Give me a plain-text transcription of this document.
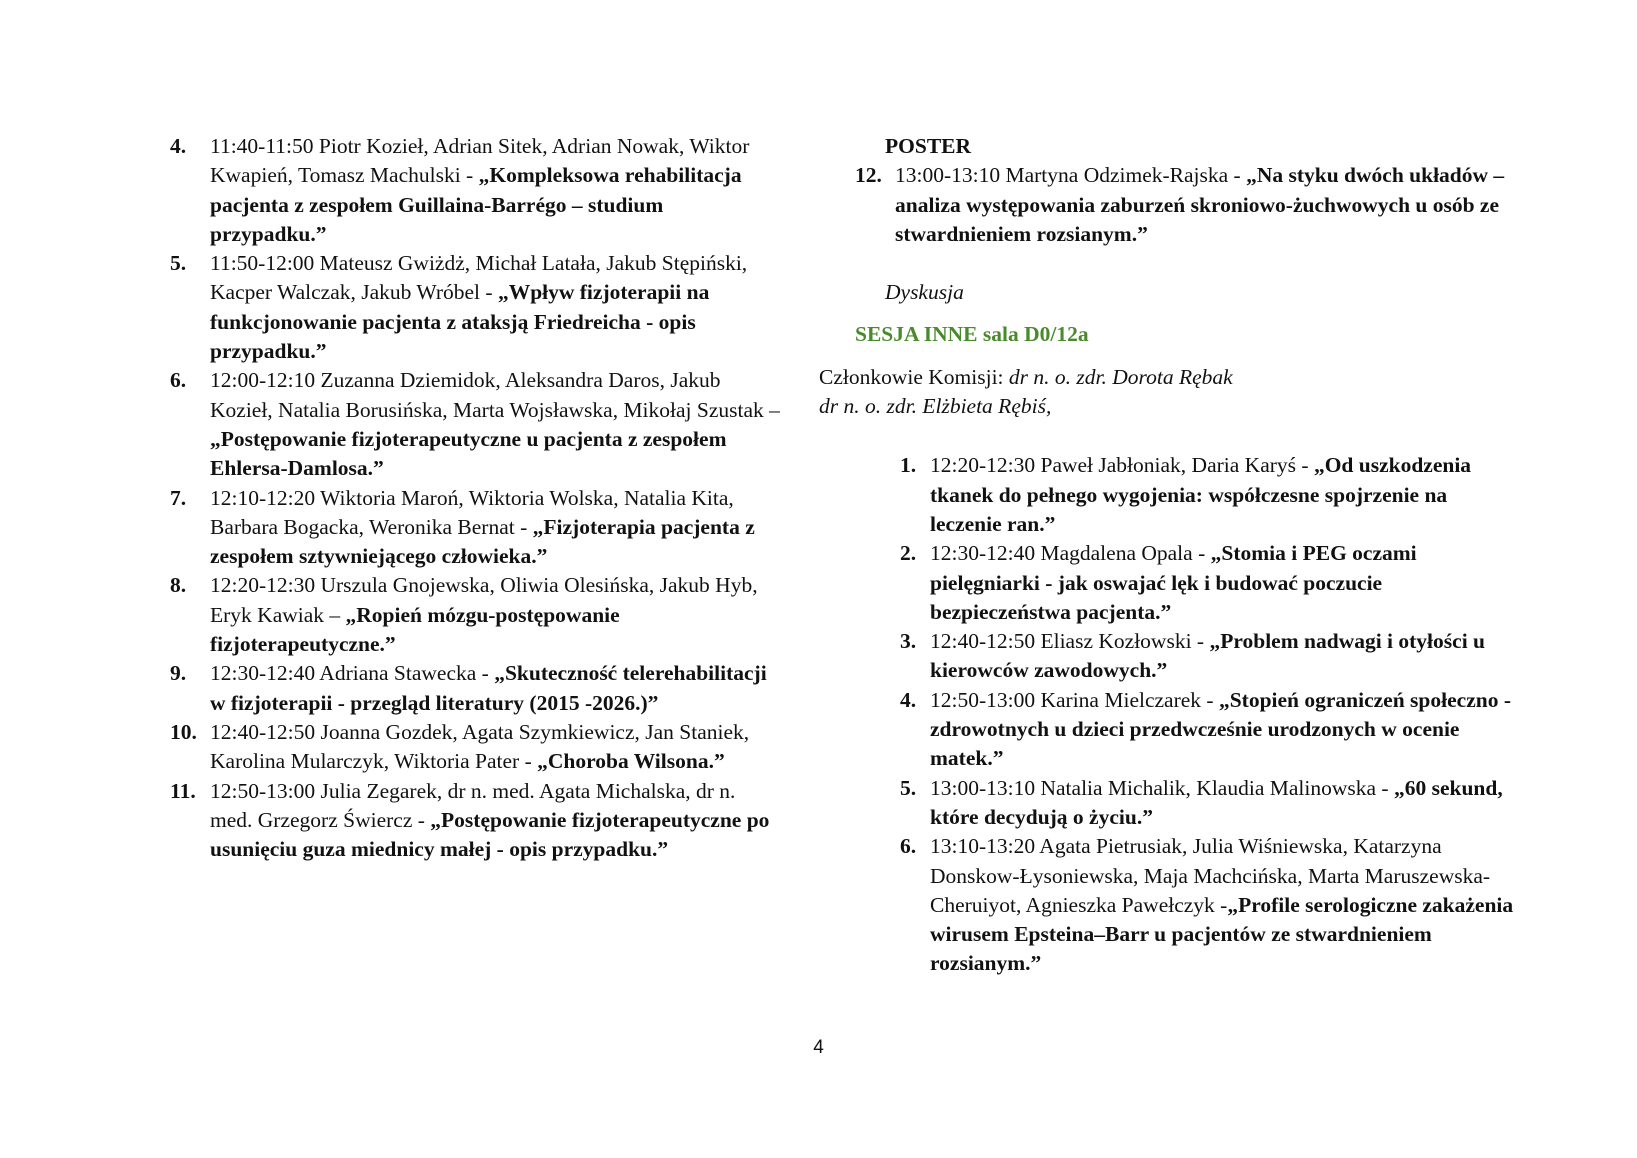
4. 11:40-11:50 Piotr Kozieł, Adrian Sitek, Adrian Nowak, Wiktor Kwapień, Tomasz Machulski - „Kompleksowa rehabilitacja pacjenta z zespołem Guillaina-Barrégo – studium przypadku.”
5. 11:50-12:00 Mateusz Gwiżdż, Michał Latała, Jakub Stępiński, Kacper Walczak, Jakub Wróbel - „Wpływ fizjoterapii na funkcjonowanie pacjenta z ataksją Friedreicha - opis przypadku.”
6. 12:00-12:10 Zuzanna Dziemidok, Aleksandra Daros, Jakub Kozieł, Natalia Borusińska, Marta Wojsławska, Mikołaj Szustak – „Postępowanie fizjoterapeutyczne u pacjenta z zespołem Ehlersa-Damlosa.”
7. 12:10-12:20 Wiktoria Maroń, Wiktoria Wolska, Natalia Kita, Barbara Bogacka, Weronika Bernat - „Fizjoterapia pacjenta z zespołem sztywniejącego człowieka.”
8. 12:20-12:30 Urszula Gnojewska, Oliwia Olesińska, Jakub Hyb, Eryk Kawiak – „Ropień mózgu-postępowanie fizjoterapeutyczne.”
9. 12:30-12:40 Adriana Stawecka - „Skuteczność telerehabilitacji w fizjoterapii - przegląd literatury (2015 -2026.)”
10. 12:40-12:50 Joanna Gozdek, Agata Szymkiewicz, Jan Staniek, Karolina Mularczyk, Wiktoria Pater - „Choroba Wilsona.”
11. 12:50-13:00 Julia Zegarek, dr n. med. Agata Michalska, dr n. med. Grzegorz Świercz - „Postępowanie fizjoterapeutyczne po usunięciu guza miednicy małej - opis przypadku.”
POSTER
12. 13:00-13:10 Martyna Odzimek-Rajska - „Na styku dwóch układów – analiza występowania zaburzeń skroniowo-żuchwowych u osób ze stwardnieniem rozsianym.”
Dyskusja
SESJA INNE sala D0/12a
Członkowie Komisji: dr n. o. zdr. Dorota Rębak
dr n. o. zdr. Elżbieta Rębiś,
1. 12:20-12:30 Paweł Jabłoniak, Daria Karyś - „Od uszkodzenia tkanek do pełnego wygojenia: współczesne spojrzenie na leczenie ran.”
2. 12:30-12:40 Magdalena Opala - „Stomia i PEG oczami pielęgniarki - jak oswajać lęk i budować poczucie bezpieczeństwa pacjenta.”
3. 12:40-12:50 Eliasz Kozłowski - „Problem nadwagi i otyłości u kierowców zawodowych.”
4. 12:50-13:00 Karina Mielczarek - „Stopień ograniczeń społeczno - zdrowotnych u dzieci przedwcześnie urodzonych w ocenie matek.”
5. 13:00-13:10 Natalia Michalik, Klaudia Malinowska - „60 sekund, które decydują o życiu.”
6. 13:10-13:20 Agata Pietrusiak, Julia Wiśniewska, Katarzyna Donskow-Łysoniewska, Maja Machcińska, Marta Maruszewska-Cheruiyot, Agnieszka Pawełczyk -„Profile serologiczne zakażenia wirusem Epsteina–Barr u pacjentów ze stwardnieniem rozsianym.”
4
